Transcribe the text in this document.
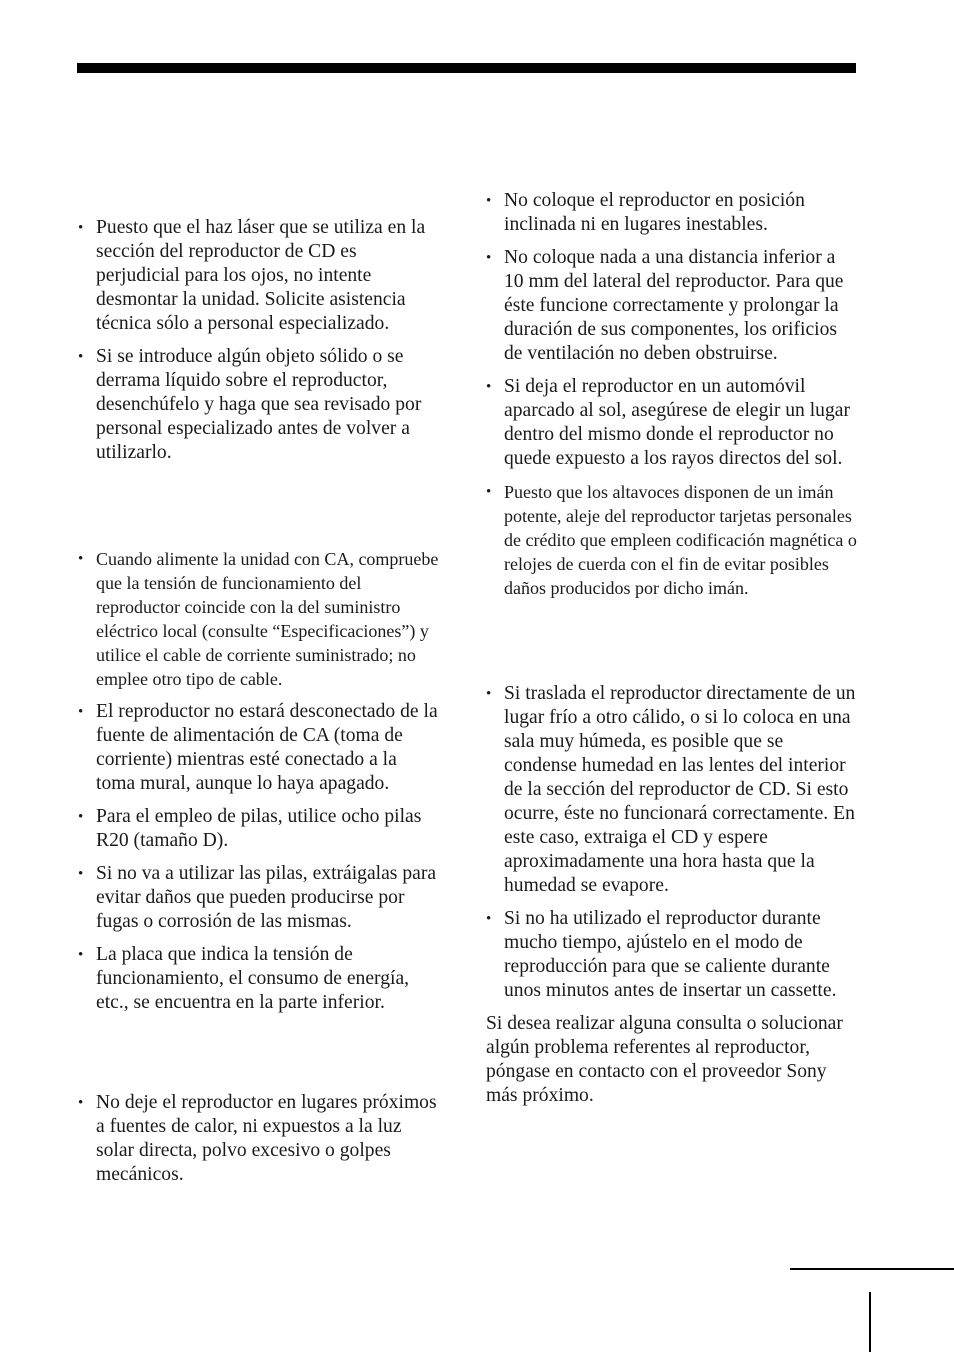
• Puesto que el haz láser que se utiliza en la sección del reproductor de CD es perjudicial para los ojos, no intente desmontar la unidad. Solicite asistencia técnica sólo a personal especializado.
• Si se introduce algún objeto sólido o se derrama líquido sobre el reproductor, desenchúfelo y haga que sea revisado por personal especializado antes de volver a utilizarlo.
• Cuando alimente la unidad con CA, compruebe que la tensión de funcionamiento del reproductor coincide con la del suministro eléctrico local (consulte “Especificaciones”) y utilice el cable de corriente suministrado; no emplee otro tipo de cable.
• El reproductor no estará desconectado de la fuente de alimentación de CA (toma de corriente) mientras esté conectado a la toma mural, aunque lo haya apagado.
• Para el empleo de pilas, utilice ocho pilas R20 (tamaño D).
• Si no va a utilizar las pilas, extráigalas para evitar daños que pueden producirse por fugas o corrosión de las mismas.
• La placa que indica la tensión de funcionamiento, el consumo de energía, etc., se encuentra en la parte inferior.
• No deje el reproductor en lugares próximos a fuentes de calor, ni expuestos a la luz solar directa, polvo excesivo o golpes mecánicos.
• No coloque el reproductor en posición inclinada ni en lugares inestables.
• No coloque nada a una distancia inferior a 10 mm del lateral del reproductor. Para que éste funcione correctamente y prolongar la duración de sus componentes, los orificios de ventilación no deben obstruirse.
• Si deja el reproductor en un automóvil aparcado al sol, asegúrese de elegir un lugar dentro del mismo donde el reproductor no quede expuesto a los rayos directos del sol.
• Puesto que los altavoces disponen de un imán potente, aleje del reproductor tarjetas personales de crédito que empleen codificación magnética o relojes de cuerda con el fin de evitar posibles daños producidos por dicho imán.
• Si traslada el reproductor directamente de un lugar frío a otro cálido, o si lo coloca en una sala muy húmeda, es posible que se condense humedad en las lentes del interior de la sección del reproductor de CD. Si esto ocurre, éste no funcionará correctamente. En este caso, extraiga el CD y espere aproximadamente una hora hasta que la humedad se evapore.
• Si no ha utilizado el reproductor durante mucho tiempo, ajústelo en el modo de reproducción para que se caliente durante unos minutos antes de insertar un cassette.

Si desea realizar alguna consulta o solucionar algún problema referentes al reproductor, póngase en contacto con el proveedor Sony más próximo.
